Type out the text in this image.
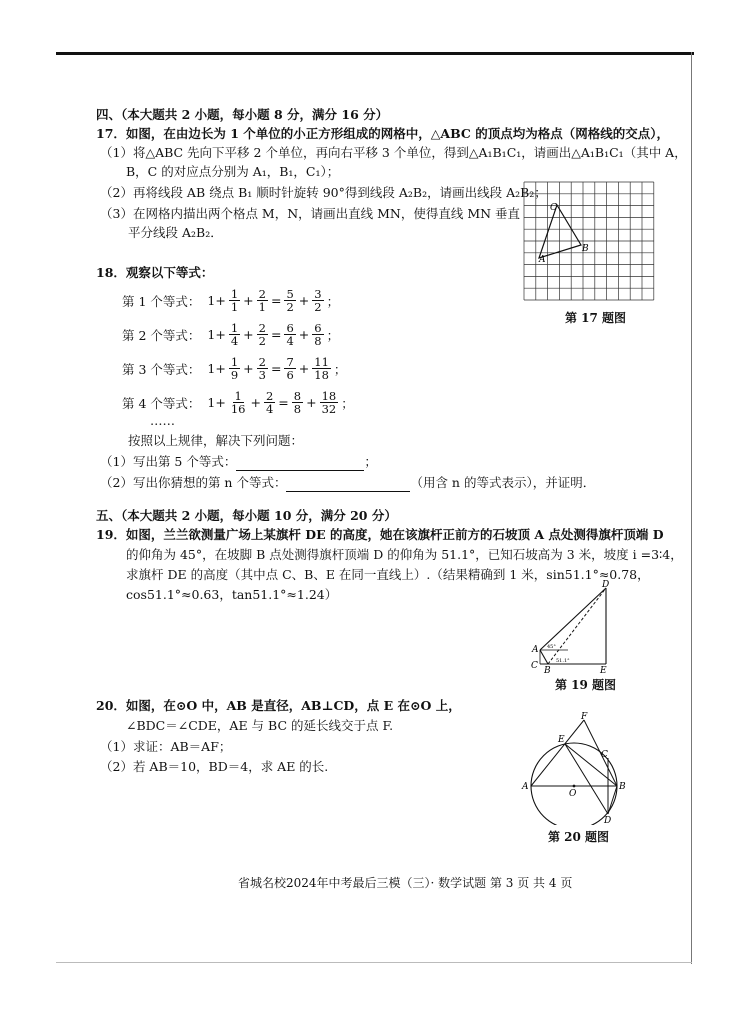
四、（本大题共 2 小题，每小题 8 分，满分 16 分）
17．如图，在由边长为 1 个单位的小正方形组成的网格中，△ABC 的顶点均为格点（网格线的交点），
（1）将△ABC 先向下平移 2 个单位，再向右平移 3 个单位，得到△A₁B₁C₁，请画出△A₁B₁C₁（其中 A，
B，C 的对应点分别为 A₁，B₁，C₁）；
（2）再将线段 AB 绕点 B₁ 顺时针旋转 90°得到线段 A₂B₂，请画出线段 A₂B₂；
（3）在网格内描出两个格点 M，N，请画出直线 MN，使得直线 MN 垂直
平分线段 A₂B₂．
A
B
C
第 17 题图
18．观察以下等式：
第 1 个等式： $1+ \frac{1}{1} + \frac{2}{1} = \frac{5}{2} + \frac{3}{2}$ ；
第 2 个等式： $1+ \frac{1}{4} + \frac{2}{2} = \frac{6}{4} + \frac{6}{8}$ ；
第 3 个等式： $1+ \frac{1}{9} + \frac{2}{3} = \frac{7}{6} + \frac{11}{18}$ ；
第 4 个等式： $1+ \frac{1}{16} + \frac{2}{4} = \frac{8}{8} + \frac{18}{32}$ ；
……
按照以上规律，解决下列问题：
（1）写出第 5 个等式：	；
（2）写出你猜想的第 n 个等式：	（用含 n 的等式表示），并证明．
五、（本大题共 2 小题，每小题 10 分，满分 20 分）
19．如图，兰兰欲测量广场上某旗杆 DE 的高度，她在该旗杆正前方的石坡顶 A 点处测得旗杆顶端 D
的仰角为 45°，在坡脚 B 点处测得旗杆顶端 D 的仰角为 51.1°，已知石坡高为 3 米，坡度 i =3∶4，
求旗杆 DE 的高度（其中点 C、B、E 在同一直线上）.（结果精确到 1 米，sin51.1°≈0.78，
cos51.1°≈0.63，tan51.1°≈1.24）
D
A
C B	E
45°
51.1°
第 19 题图
20．如图，在⊙O 中，AB 是直径，AB⊥CD，点 E 在⊙O 上，
∠BDC＝∠CDE，AE 与 BC 的延长线交于点 F.
（1）求证：AB＝AF；
（2）若 AB＝10，BD＝4，求 AE 的长.
F
E
C
A
O
B
D
第 20 题图
省城名校2024年中考最后三模（三）· 数学试题 第 3 页 共 4 页
